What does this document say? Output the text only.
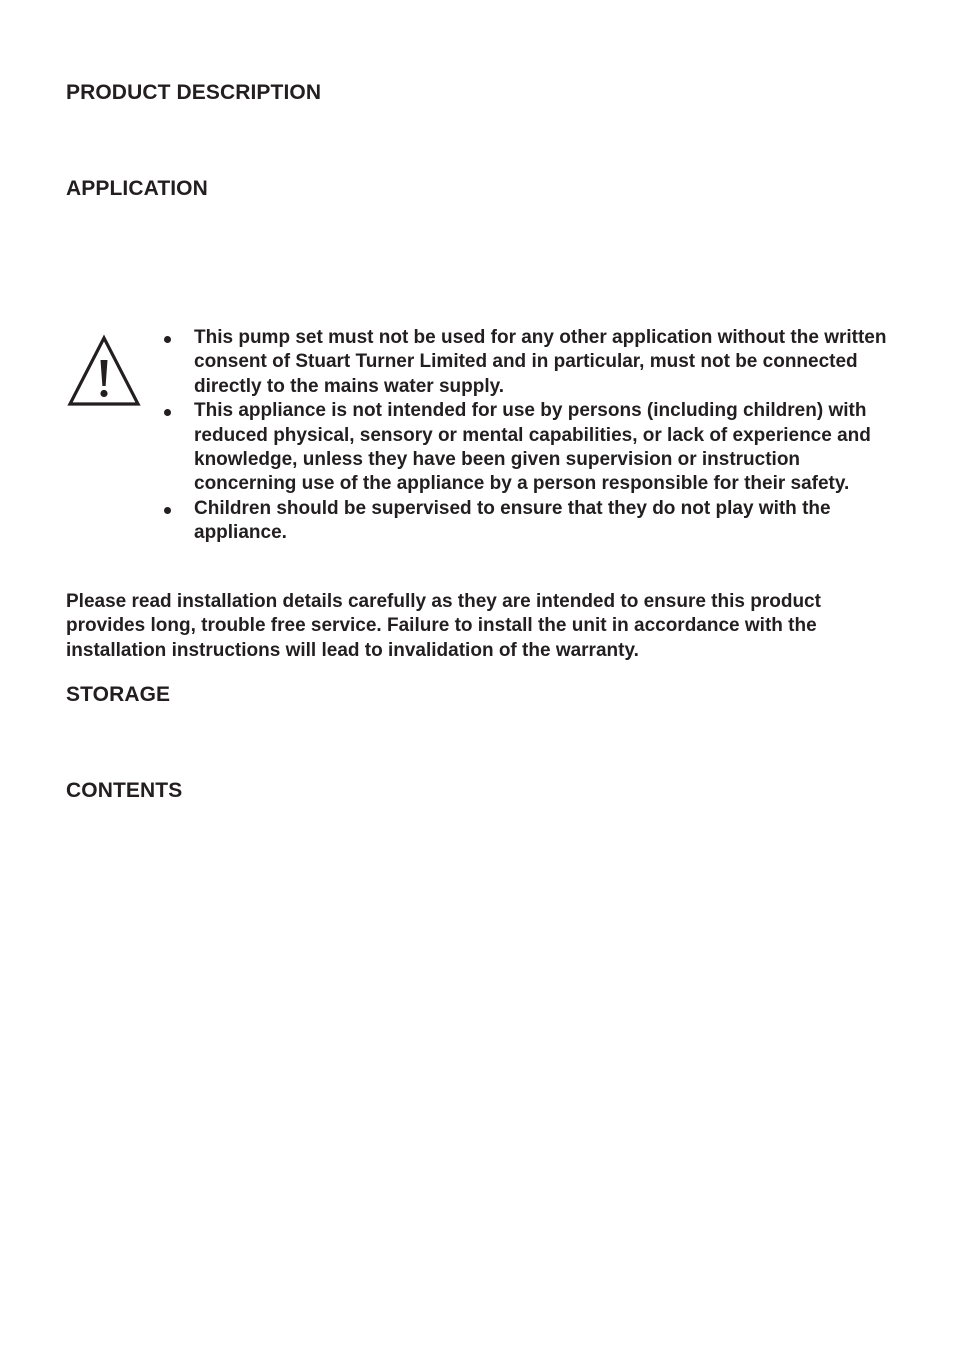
PRODUCT DESCRIPTION
APPLICATION
This pump set must not be used for any other application without the written consent of Stuart Turner Limited and in particular, must not be connected directly to the mains water supply.
This appliance is not intended for use by persons (including children) with reduced physical, sensory or mental capabilities, or lack of experience and knowledge, unless they have been given supervision or instruction concerning use of the appliance by a person responsible for their safety.
Children should be supervised to ensure that they do not play with the appliance.

Please read installation details carefully as they are intended to ensure this product provides long, trouble free service. Failure to install the unit in accordance with the installation instructions will lead to invalidation of the warranty.

STORAGE
CONTENTS
